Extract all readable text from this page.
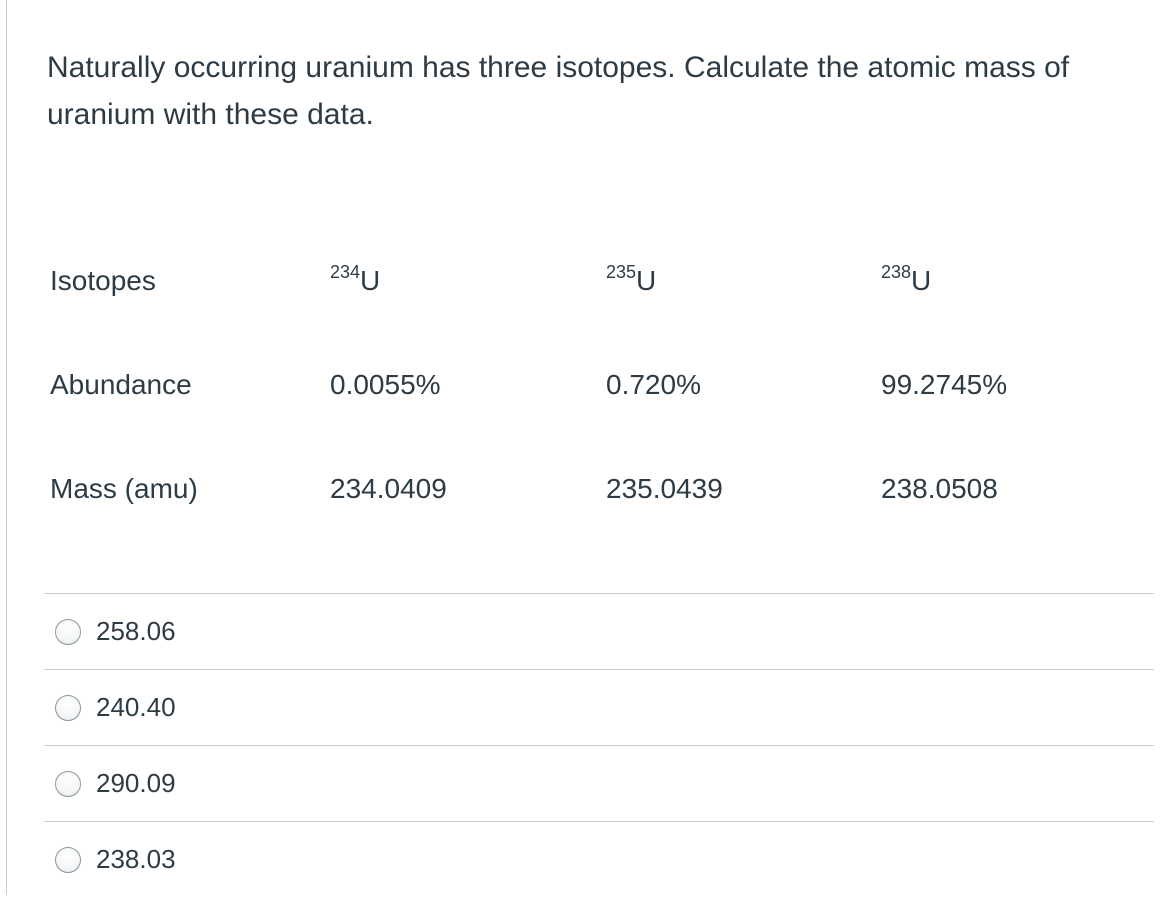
Naturally occurring uranium has three isotopes. Calculate the atomic mass of uranium with these data.
Isotopes	$^{234}$U	$^{235}$U	$^{238}$U
Abundance	0.0055%	0.720%	99.2745%
Mass (amu)	234.0409	235.0439	238.0508
258.06
240.40
290.09
238.03
